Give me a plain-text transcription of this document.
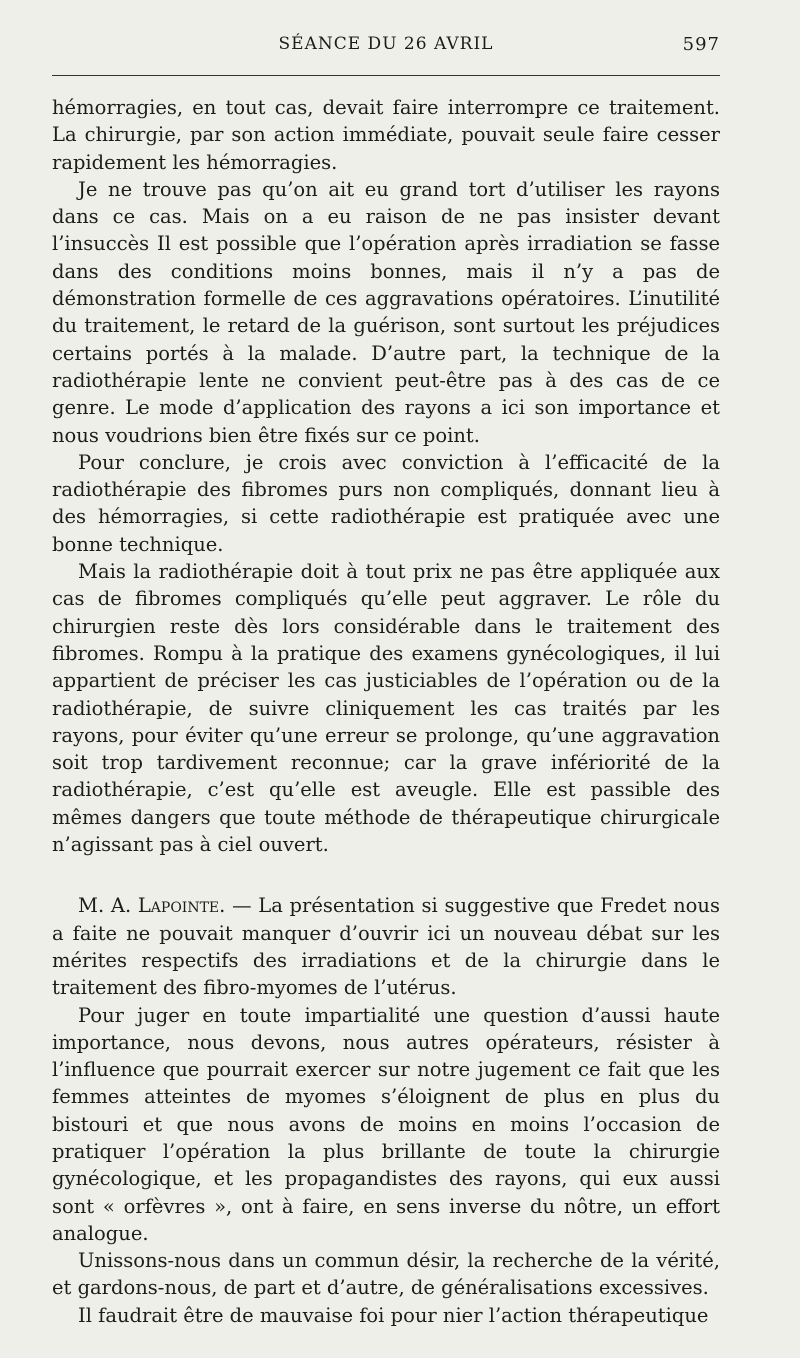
SÉANCE DU 26 AVRIL	597

hémorragies, en tout cas, devait faire interrompre ce traitement. La chirurgie, par son action immédiate, pouvait seule faire cesser rapidement les hémorragies.

Je ne trouve pas qu’on ait eu grand tort d’utiliser les rayons dans ce cas. Mais on a eu raison de ne pas insister devant l’insuccès Il est possible que l’opération après irradiation se fasse dans des conditions moins bonnes, mais il n’y a pas de démonstration formelle de ces aggravations opératoires. L’inutilité du traitement, le retard de la guérison, sont surtout les préjudices certains portés à la malade. D’autre part, la technique de la radiothérapie lente ne convient peut-être pas à des cas de ce genre. Le mode d’application des rayons a ici son importance et nous voudrions bien être fixés sur ce point.

Pour conclure, je crois avec conviction à l’efficacité de la radiothérapie des fibromes purs non compliqués, donnant lieu à des hémorragies, si cette radiothérapie est pratiquée avec une bonne technique.

Mais la radiothérapie doit à tout prix ne pas être appliquée aux cas de fibromes compliqués qu’elle peut aggraver. Le rôle du chirurgien reste dès lors considérable dans le traitement des fibromes. Rompu à la pratique des examens gynécologiques, il lui appartient de préciser les cas justiciables de l’opération ou de la radiothérapie, de suivre cliniquement les cas traités par les rayons, pour éviter qu’une erreur se prolonge, qu’une aggravation soit trop tardivement reconnue; car la grave infériorité de la radiothérapie, c’est qu’elle est aveugle. Elle est passible des mêmes dangers que toute méthode de thérapeutique chirurgicale n’agissant pas à ciel ouvert.

M. A. Lapointe. — La présentation si suggestive que Fredet nous a faite ne pouvait manquer d’ouvrir ici un nouveau débat sur les mérites respectifs des irradiations et de la chirurgie dans le traitement des fibro-myomes de l’utérus.

Pour juger en toute impartialité une question d’aussi haute importance, nous devons, nous autres opérateurs, résister à l’influence que pourrait exercer sur notre jugement ce fait que les femmes atteintes de myomes s’éloignent de plus en plus du bistouri et que nous avons de moins en moins l’occasion de pratiquer l’opération la plus brillante de toute la chirurgie gynécologique, et les propagandistes des rayons, qui eux aussi sont « orfèvres », ont à faire, en sens inverse du nôtre, un effort analogue.

Unissons-nous dans un commun désir, la recherche de la vérité, et gardons-nous, de part et d’autre, de généralisations excessives.

Il faudrait être de mauvaise foi pour nier l’action thérapeutique
